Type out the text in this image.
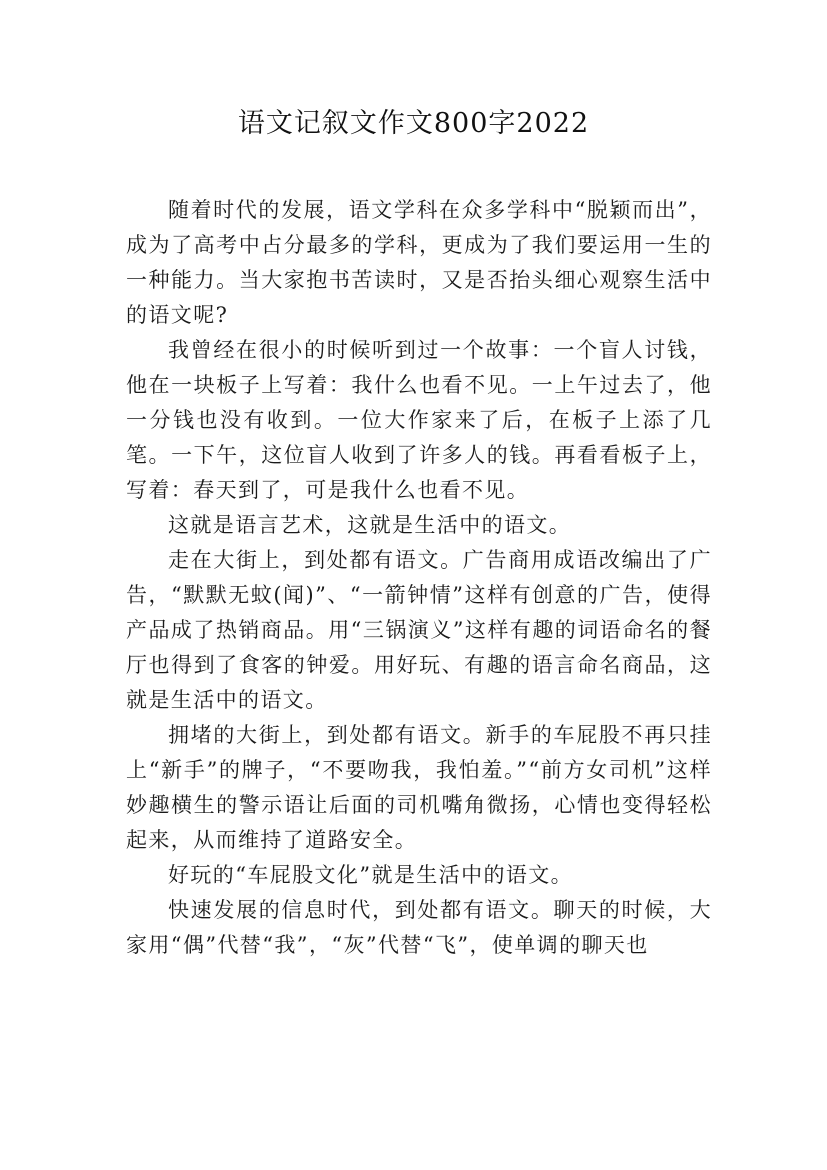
语文记叙文作文800字2022

随着时代的发展，语文学科在众多学科中“脱颖而出”，成为了高考中占分最多的学科，更成为了我们要运用一生的一种能力。当大家抱书苦读时，又是否抬头细心观察生活中的语文呢?

我曾经在很小的时候听到过一个故事：一个盲人讨钱，他在一块板子上写着：我什么也看不见。一上午过去了，他一分钱也没有收到。一位大作家来了后，在板子上添了几笔。一下午，这位盲人收到了许多人的钱。再看看板子上，写着：春天到了，可是我什么也看不见。

这就是语言艺术，这就是生活中的语文。

走在大街上，到处都有语文。广告商用成语改编出了广告，“默默无蚊(闻)”、“一箭钟情”这样有创意的广告，使得产品成了热销商品。用“三锅演义”这样有趣的词语命名的餐厅也得到了食客的钟爱。用好玩、有趣的语言命名商品，这就是生活中的语文。

拥堵的大街上，到处都有语文。新手的车屁股不再只挂上“新手”的牌子，“不要吻我，我怕羞。”“前方女司机”这样妙趣横生的警示语让后面的司机嘴角微扬，心情也变得轻松起来，从而维持了道路安全。

好玩的“车屁股文化”就是生活中的语文。

快速发展的信息时代，到处都有语文。聊天的时候，大家用“偶”代替“我”，“灰”代替“飞”，使单调的聊天也
